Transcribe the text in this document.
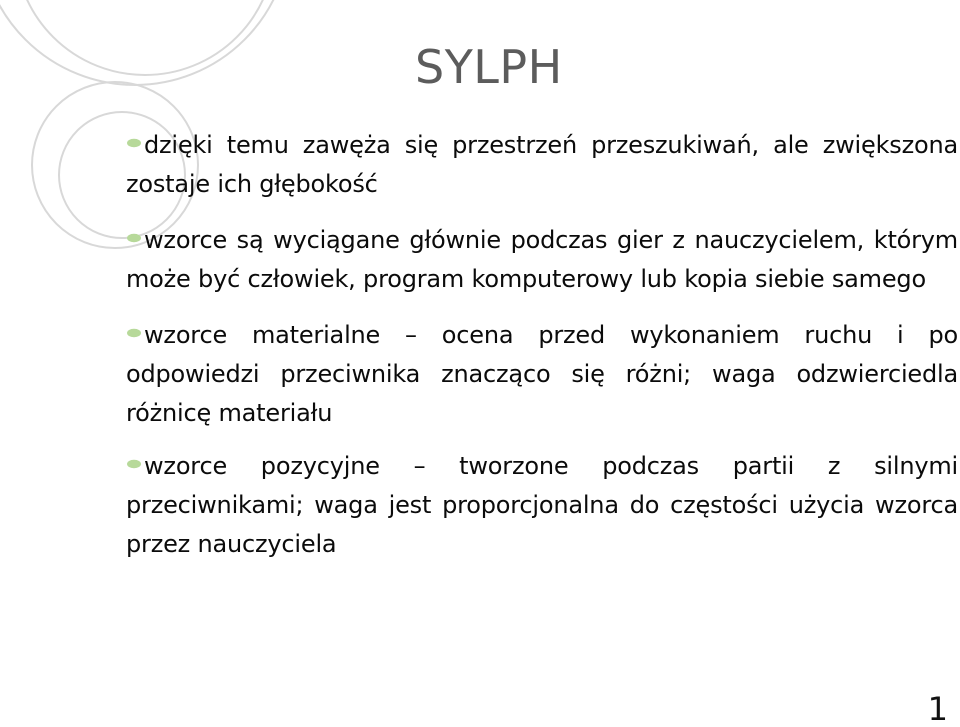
SYLPH
dzięki temu zawęża się przestrzeń przeszukiwań, ale zwiększona zostaje ich głębokość
wzorce są wyciągane głównie podczas gier z nauczycielem, którym może być człowiek, program komputerowy lub kopia siebie samego
wzorce materialne – ocena przed wykonaniem ruchu i po odpowiedzi przeciwnika znacząco się różni; waga odzwierciedla różnicę materiału
wzorce pozycyjne – tworzone podczas partii z silnymi przeciwnikami; waga jest proporcjonalna do częstości użycia wzorca przez nauczyciela
1
